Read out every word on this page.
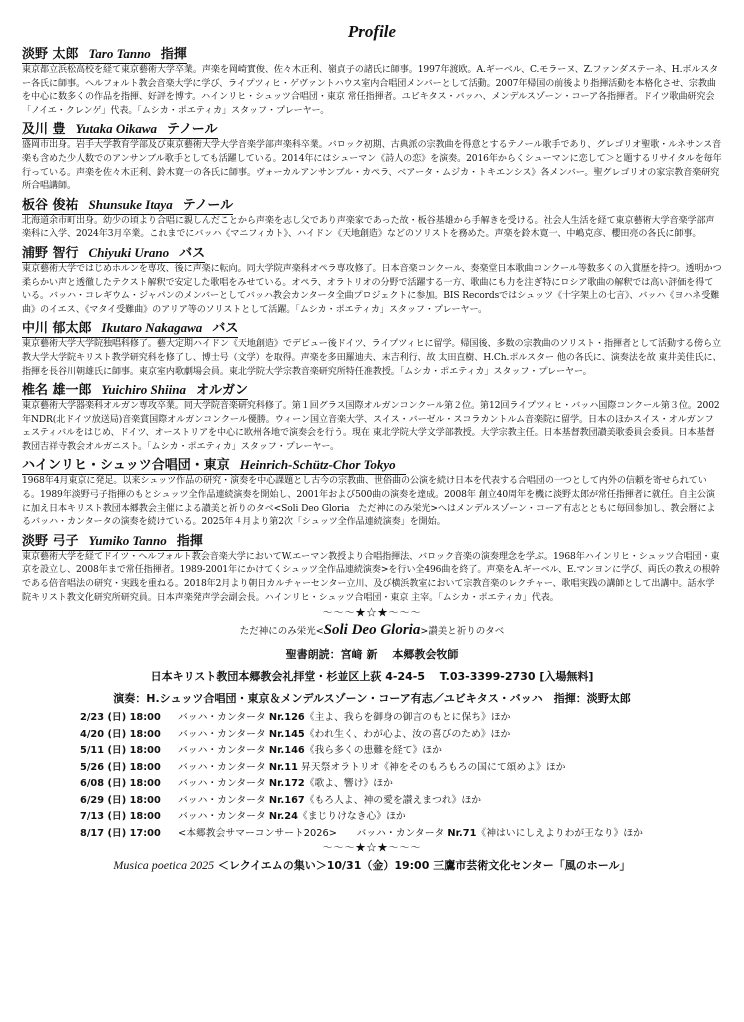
Profile
淡野 太郎 Taro Tanno 指揮
東京都立浜松高校を経て東京藝術大学卒業。声楽を岡崎實俊、佐々木正利、嶺貞子の諸氏に師事。1997年渡欧。A.ギーベル、C.モラーヌ、Z.ファンダステーネ、H.ボルスター各氏に師事。ヘルフォルト教会音楽大学に学び、ライプツィヒ・ゲヴァントハウス室内合唱団メンバーとして活動。2007年帰国の前後より指揮活動を本格化させ、宗教曲を中心に数多くの作品を指揮、好評を博す。ハインリヒ・シュッツ合唱団・東京 常任指揮者。ユビキタス・バッハ、メンデルスゾーン・コーア各指揮者。ドイツ歌曲研究会「ノイエ・クレンゲ」代表。「ムシカ・ポエティカ」スタッフ・プレーヤー。
及川 豊 Yutaka Oikawa テノール
盛岡市出身。岩手大学教育学部及び東京藝術大学大学音楽学部声楽科卒業。バロック初期、古典派の宗教曲を得意とするテノール歌手であり、グレゴリオ聖歌・ルネサンス音楽も含めた少人数でのアンサンブル歌手としても活躍している。2014年にはシューマン《詩人の恋》を演奏。2016年からくシューマンに恋して＞と題するリサイタルを毎年行っている。声楽を佐々木正利、鈴木寛一の各氏に師事。ヴォーカルアンサンブル・カペラ、ベアータ・ムジカ・トキエンシス》各メンバー。聖グレゴリオの家宗教音楽研究所合唱講師。
板谷 俊祐 Shunsuke Itaya テノール
北海道余市町出身。幼少の頃より合唱に親しんだことから声楽を志し父であり声楽家であった故・板谷基雄から手解きを受ける。社会人生活を経て東京藝術大学音楽学部声楽科に入学、2024年3月卒業。これまでにバッハ《マニフィカト》、ハイドン《天地創造》などのソリストを務めた。声楽を鈴木寛一、中嶋克彦、櫻田亮の各氏に師事。
浦野 智行 Chiyuki Urano バス
東京藝術大学ではじめホルンを専攻、後に声楽に転向。同大学院声楽科オペラ専攻修了。日本音楽コンクール、奏楽堂日本歌曲コンクール等数多くの入賞歴を持つ。透明かつ柔らかい声と透徹したテクスト解釈で安定した歌唱をみせている。オペラ、オラトリオの分野で活躍する一方、歌曲にも力を注ぎ特にロシア歌曲の解釈では高い評価を得ている。バッハ・コレギウム・ジャパンのメンバーとしてバッハ教会カンタータ全曲プロジェクトに参加。BIS Recordsではシュッツ《十字架上の七言》、バッハ《ヨハネ受難曲》のイエス、《マタイ受難曲》のアリア等のソリストとして活躍。「ムシカ・ポエティカ」スタッフ・プレーヤー。
中川 郁太郎 Ikutaro Nakagawa バス
東京藝術大学大学院独唱科修了。藝大定期ハイドン《天地創造》でデビュー後ドイツ、ライプツィヒに留学。帰国後、多数の宗教曲のソリスト・指揮者として活動する傍ら立教大学大学院キリスト教学研究科を修了し、博士号（文学）を取得。声楽を多田羅迪夫、末吉利行、故 太田直樹、H.Ch.ポルスター 他の各氏に、演奏法を故 東井美佳氏に、指揮を長谷川朝雄氏に師事。東京室内歌劇場会員。東北学院大学宗教音楽研究所特任准教授。「ムシカ・ポエティカ」スタッフ・プレーヤー。
椎名 雄一郎 Yuichiro Shiina オルガン
東京藝術大学器楽科オルガン専攻卒業。同大学院音楽研究科修了。第１回グラス国際オルガンコンクール第２位。第12回ライプツィヒ・バッハ国際コンクール第３位。2002年NDR(北ドイツ放送局)音楽賞国際オルガンコンクール優勝。ウィーン国立音楽大学、スイス・バーゼル・スコラカントルム音楽院に留学。日本のほかスイス・オルガンフェスティバルをはじめ、ドイツ、オーストリアを中心に欧州各地で演奏会を行う。現在 東北学院大学文学部教授。大学宗教主任。日本基督教団讃美歌委員会委員。日本基督教団吉祥寺教会オルガニスト。「ムシカ・ポエティカ」スタッフ・プレーヤー。
ハインリヒ・シュッツ合唱団・東京 Heinrich-Schütz-Chor Tokyo
1968年4月東京に発足。以来シュッツ作品の研究・演奏を中心課題とし古今の宗教曲、世俗曲の公演を続け日本を代表する合唱団の一つとして内外の信頼を寄せられている。1989年淡野弓子指揮のもとシュッツ全作品連続演奏を開始し、2001年および500曲の演奏を達成。2008年 創立40周年を機に淡野太郎が常任指揮者に就任。自主公演に加え日本キリスト教団本郷教会主催による讃美と祈りのタベ<Soli Deo Gloria　ただ神にのみ栄光>へはメンデルスゾーン・コーア有志とともに毎回参加し、教会暦によるバッハ・カンタータの演奏を続けている。2025年４月より第2次「シュッツ全作品連続演奏」を開始。
淡野 弓子 Yumiko Tanno 指揮
東京藝術大学を経てドイツ・ヘルフォルト教会音楽大学においてW.エーマン教授より合唱指揮法、バロック音楽の演奏理念を学ぶ。1968年ハインリヒ・シュッツ合唱団・東京を設立し、2008年まで常任指揮者。1989-2001年にかけてくシュッツ全作品連続演奏>を行い全496曲を終了。声楽をA.ギーベル、E.マンヨンに学び、両氏の教えの根幹である倍音唱法の研究・実践を重ねる。2018年2月より朝日カルチャーセンター立川、及び横浜教室において宗教音楽のレクチャー、歌唱実践の講師として出講中。話水学院キリスト教文化研究所研究員。日本声楽発声学会副会長。ハインリヒ・シュッツ合唱団・東京 主宰。「ムシカ・ポエティカ」代表。
〜〜〜★☆★〜〜〜
ただ神にのみ栄光<Soli Deo Gloria>讃美と祈りのタベ
聖書朗読：宮﨑 新　 本郷教会牧師
日本キリスト教団本郷教会礼拝堂・杉並区上荻 4-24-5　 T.03-3399-2730 [入場無料]
演奏：H.シュッツ合唱団・東京＆メンデルスゾーン・コーア有志／ユビキタス・バッハ　指揮：淡野太郎
2/23 (日) 18:00	バッハ・カンタータ Nr.126《主よ、我らを御身の御言のもとに保ち》ほか
4/20 (日) 18:00	バッハ・カンタータ Nr.145《われ生く、わが心よ、汝の喜びのため》ほか
5/11 (日) 18:00	バッハ・カンタータ Nr.146《我ら多くの患難を経て》ほか
5/26 (日) 18:00	バッハ・カンタータ Nr.11 昇天祭オラトリオ《神をそのもろもろの国にて頌めよ》ほか
6/08 (日) 18:00	バッハ・カンタータ Nr.172《歌よ、響け》ほか
6/29 (日) 18:00	バッハ・カンタータ Nr.167《もろ人よ、神の愛を讃えまつれ》ほか
7/13 (日) 18:00	バッハ・カンタータ Nr.24《まじりけなき心》ほか
8/17 (日) 17:00	<本郷教会サマーコンサート2026>　　バッハ・カンタータ Nr.71《神はいにしえよりわが王なり》ほか
〜〜〜★☆★〜〜〜
Musica poetica 2025 ＜レクイエムの集い＞10/31（金）19:00 三鷹市芸術文化センター「風のホール」
